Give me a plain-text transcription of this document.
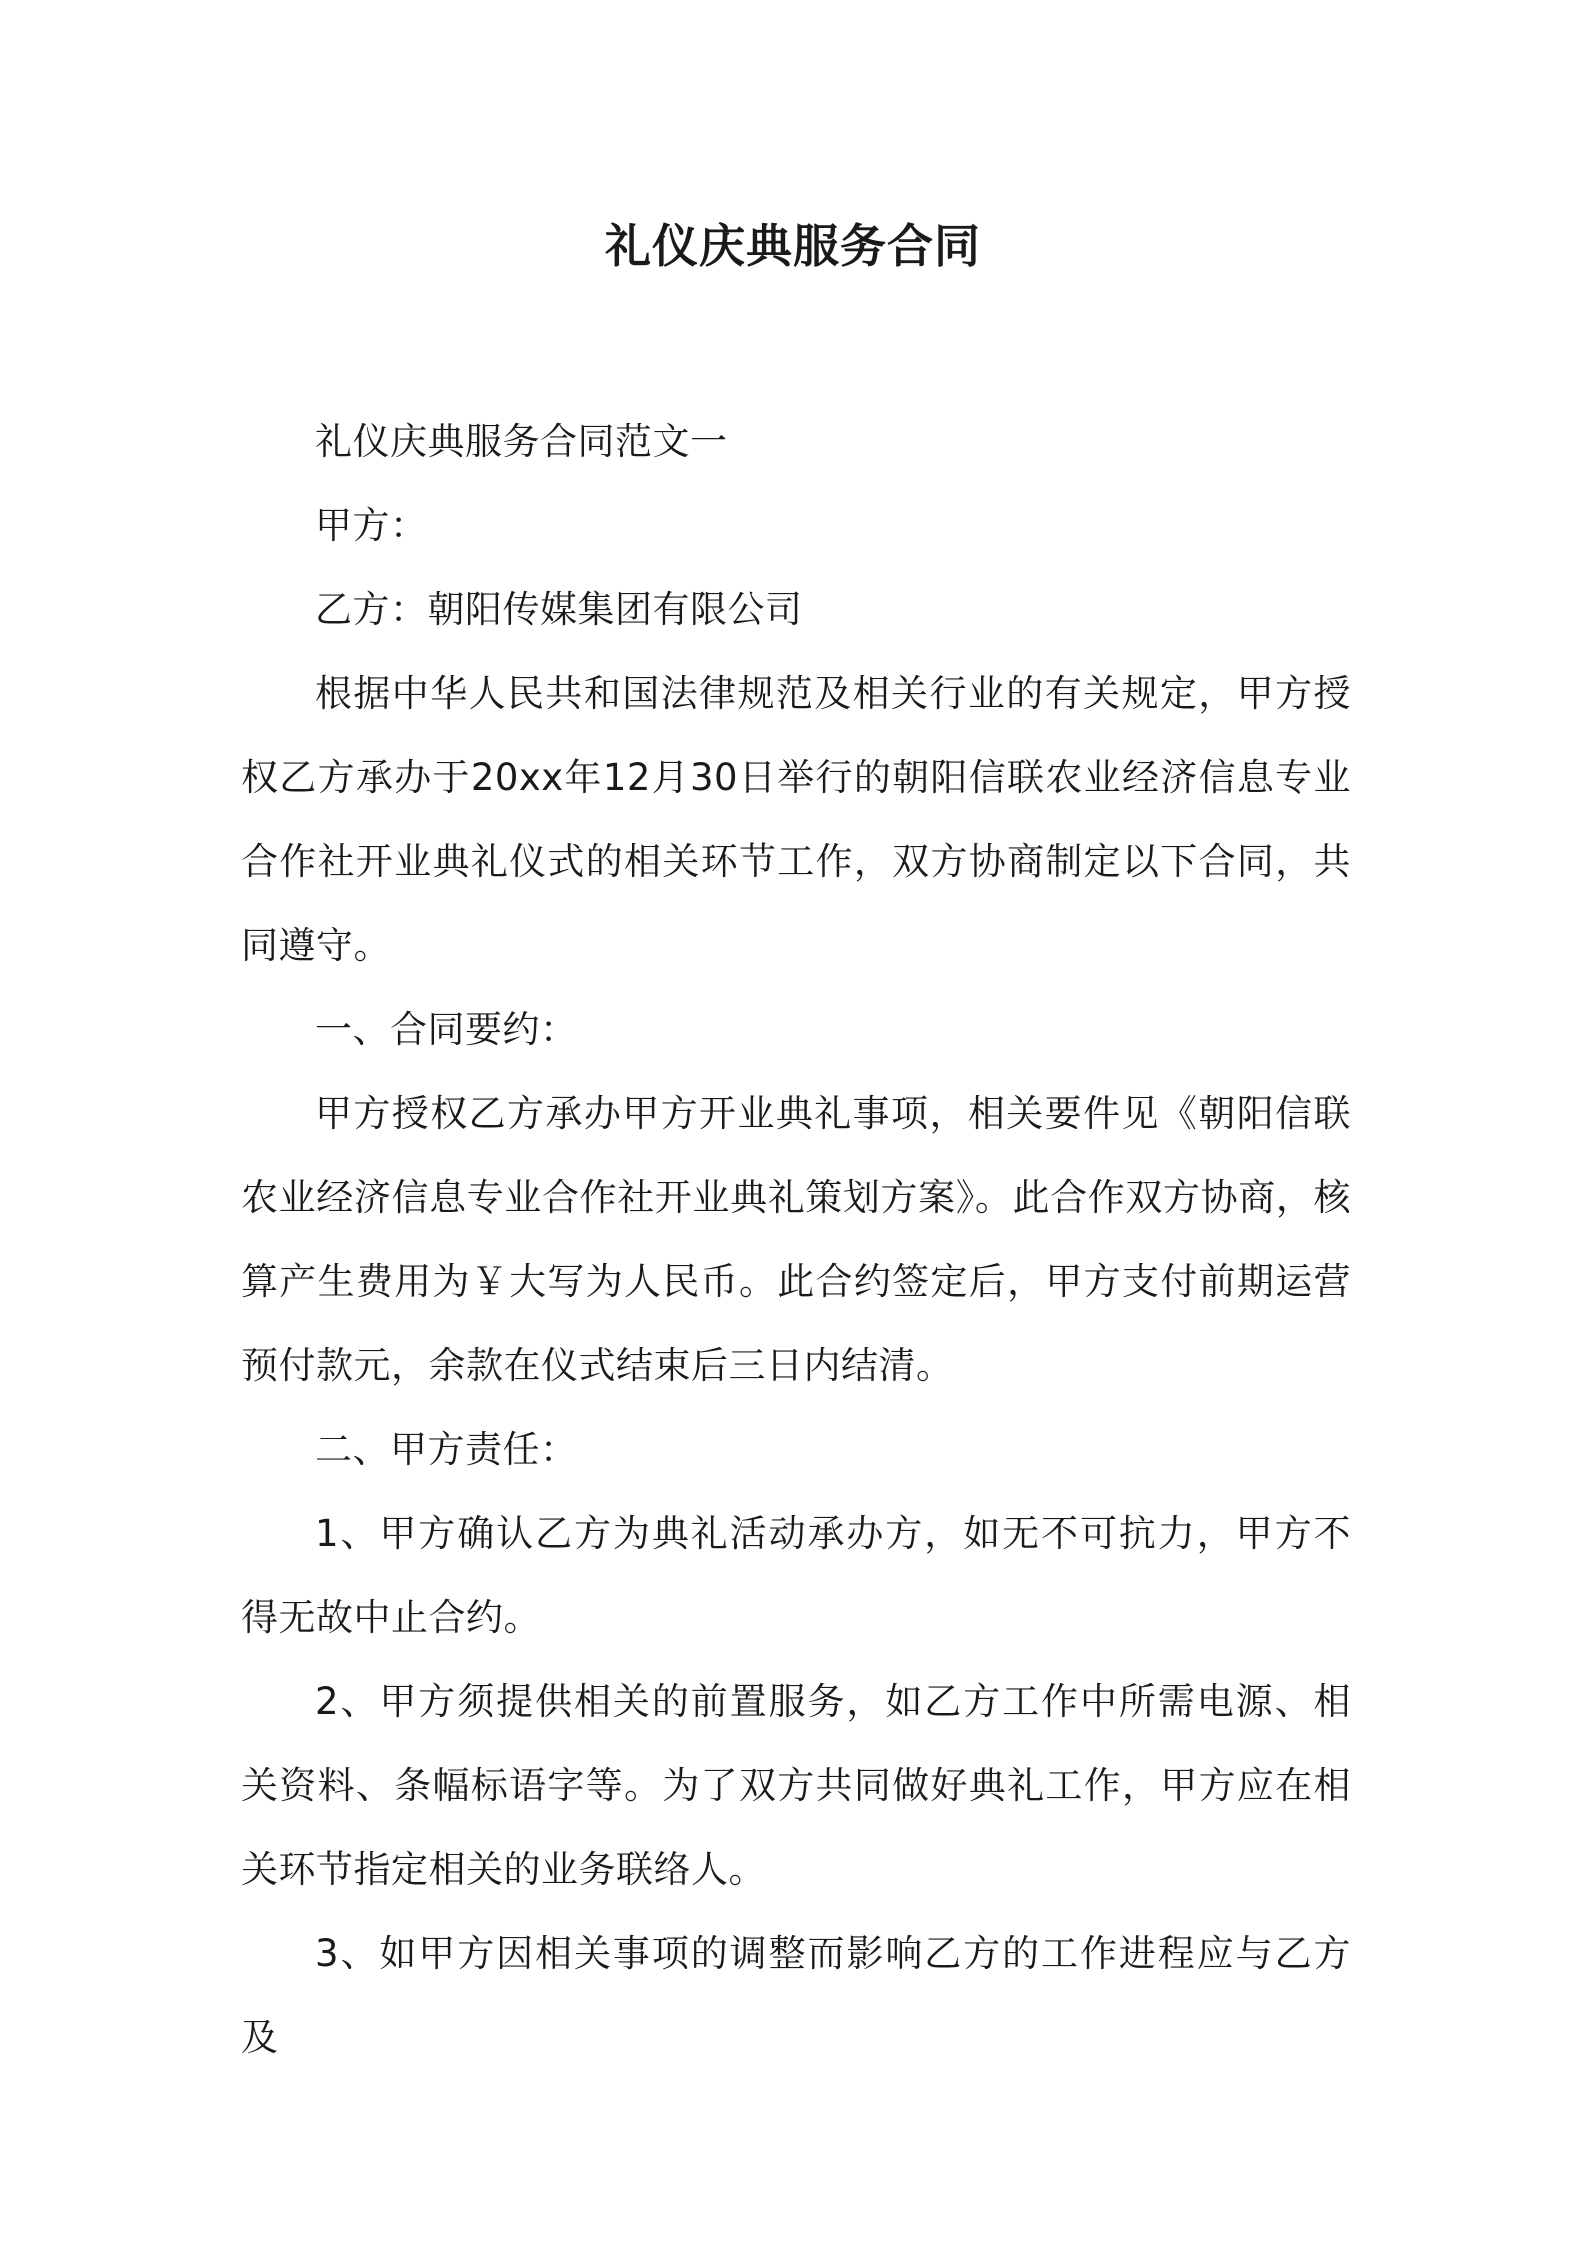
礼仪庆典服务合同

礼仪庆典服务合同范文一

甲方：

乙方：朝阳传媒集团有限公司

根据中华人民共和国法律规范及相关行业的有关规定，甲方授权乙方承办于20xx年12月30日举行的朝阳信联农业经济信息专业合作社开业典礼仪式的相关环节工作，双方协商制定以下合同，共同遵守。

一、合同要约：

甲方授权乙方承办甲方开业典礼事项，相关要件见《朝阳信联农业经济信息专业合作社开业典礼策划方案》。此合作双方协商，核算产生费用为￥大写为人民币。此合约签定后，甲方支付前期运营预付款元，余款在仪式结束后三日内结清。

二、甲方责任：

1、甲方确认乙方为典礼活动承办方，如无不可抗力，甲方不得无故中止合约。

2、甲方须提供相关的前置服务，如乙方工作中所需电源、相关资料、条幅标语字等。为了双方共同做好典礼工作，甲方应在相关环节指定相关的业务联络人。

3、如甲方因相关事项的调整而影响乙方的工作进程应与乙方及
